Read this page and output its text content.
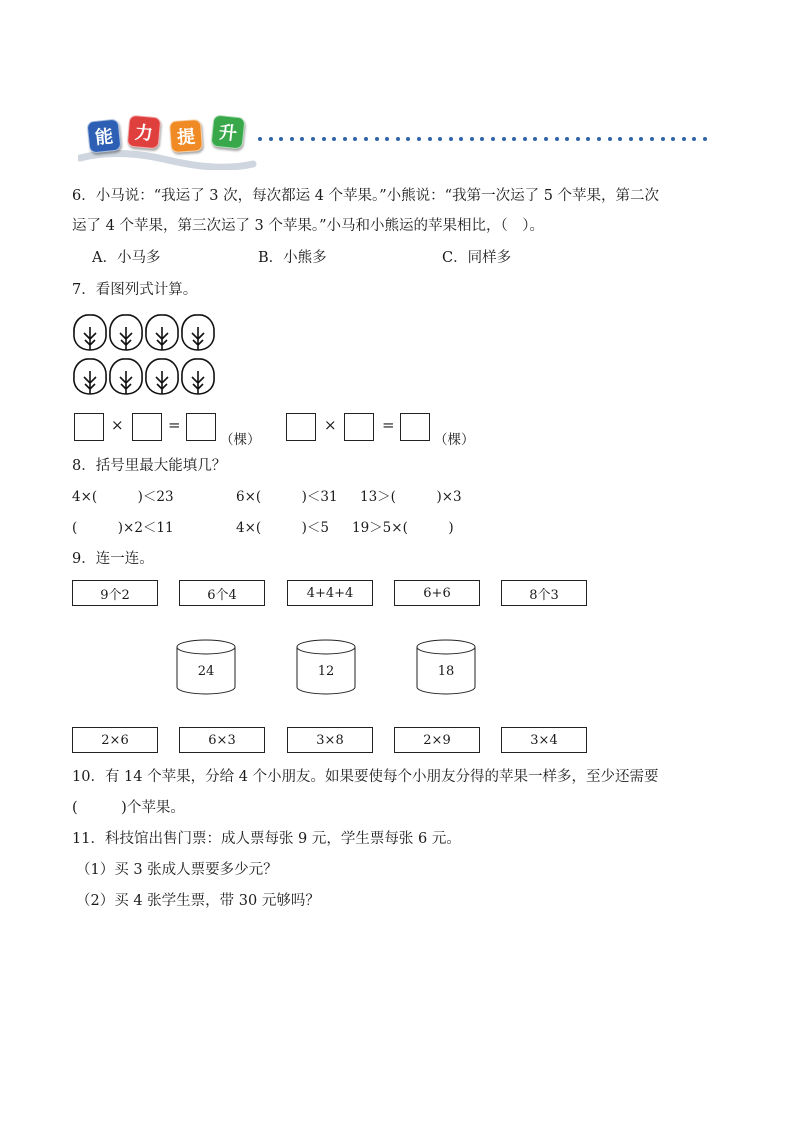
能	力	提	升
6．小马说：“我运了 3 次，每次都运 4 个苹果。”小熊说：“我第一次运了 5 个苹果，第二次
运了 4 个苹果，第三次运了 3 个苹果。”小马和小熊运的苹果相比，（　）。
A．小马多	B．小熊多	C．同样多
7．看图列式计算。
×	=
（棵）
×	=
（棵）
8．括号里最大能填几？
4×(　　　)＜23	6×(　　　)＜31 13＞(　　　)×3
(　　　)×2＜11	4×(　　　)＜5 19＞5×(　　　)
9．连一连。
9个2	6个4	4+4+4	6+6	8个3
24	12	18
2×6	6×3	3×8	2×9	3×4
10．有 14 个苹果，分给 4 个小朋友。如果要使每个小朋友分得的苹果一样多，至少还需要
(　　　)个苹果。
11．科技馆出售门票：成人票每张 9 元，学生票每张 6 元。
（1）买 3 张成人票要多少元？
（2）买 4 张学生票，带 30 元够吗？
